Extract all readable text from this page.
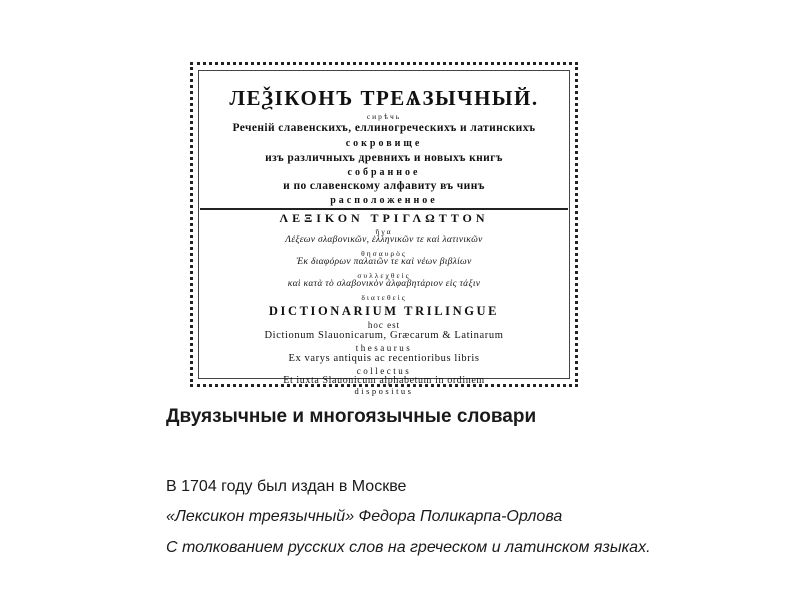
ЛЕѮІКОНЪ ТРЕѦЗЫЧНЫЙ.
сирѣчь
Реченій славенскихъ, еллиногреческихъ и латинскихъ
сокровище
изъ различныхъ древнихъ и новыхъ книгъ
собранное
и по славенскому алфавиту въ чинъ
расположенное
ΛΕΞΙΚΟΝ ΤΡΙΓΛΩΤΤΟΝ
ἤγα
Λέξεων σλαβονικῶν, ἑλληνικῶν τε καὶ λατινικῶν
θησαυρὸς
Ἐκ διαφόρων παλαιῶν τε καὶ νέων βιβλίων
συλλεχθεὶς
καὶ κατὰ τὸ σλαβονικὸν ἀλφαβητάριον εἰς τάξιν
διατεθεὶς
DICTIONARIUM TRILINGUE
hoc est
Dictionum Slauonicarum, Græcarum & Latinarum
thesaurus
Ex varys antiquis ac recentioribus libris
collectus
Et iuxta Slauonicum alphabetum in ordinem
dispositus
Двуязычные и многоязычные словари
В 1704 году был издан в Москве
«Лексикон треязычный» Федора Поликарпа-Орлова
С толкованием русских слов на греческом и латинском языках.
